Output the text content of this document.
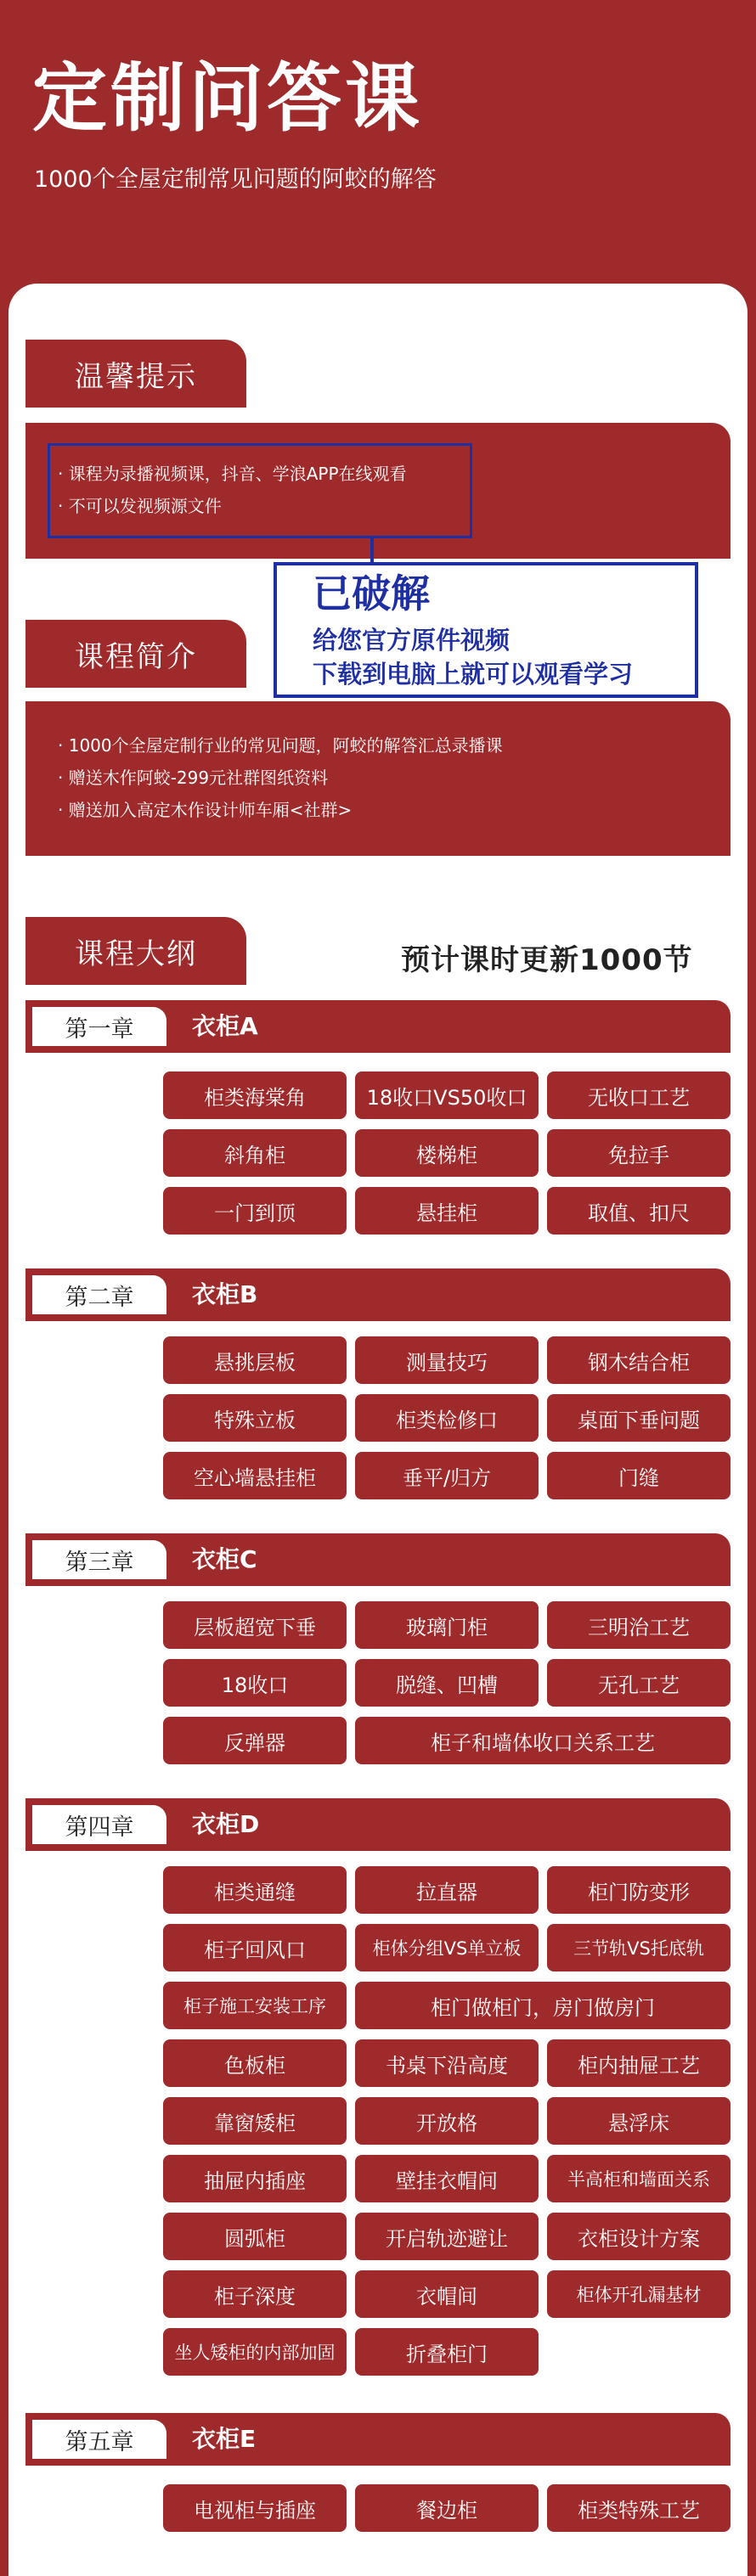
定制问答课
1000个全屋定制常见问题的阿蛟的解答
温馨提示
· 课程为录播视频课，抖音、学浪APP在线观看
· 不可以发视频源文件
已破解
给您官方原件视频
下载到电脑上就可以观看学习
课程简介
· 1000个全屋定制行业的常见问题，阿蛟的解答汇总录播课
· 赠送木作阿蛟-299元社群图纸资料
· 赠送加入高定木作设计师车厢<社群>
课程大纲	预计课时更新1000节
第一章	衣柜A
柜类海棠角	18收口VS50收口	无收口工艺
斜角柜	楼梯柜	免拉手
一门到顶	悬挂柜	取值、扣尺
第二章	衣柜B
悬挑层板	测量技巧	钢木结合柜
特殊立板	柜类检修口	桌面下垂问题
空心墙悬挂柜	垂平/归方	门缝
第三章	衣柜C
层板超宽下垂	玻璃门柜	三明治工艺
18收口	脱缝、凹槽	无孔工艺
反弹器	柜子和墙体收口关系工艺
第四章	衣柜D
柜类通缝	拉直器	柜门防变形
柜子回风口	柜体分组VS单立板	三节轨VS托底轨
柜子施工安装工序	柜门做柜门，房门做房门
色板柜	书桌下沿高度	柜内抽屉工艺
靠窗矮柜	开放格	悬浮床
抽屉内插座	壁挂衣帽间	半高柜和墙面关系
圆弧柜	开启轨迹避让	衣柜设计方案
柜子深度	衣帽间	柜体开孔漏基材
坐人矮柜的内部加固	折叠柜门
第五章	衣柜E
电视柜与插座	餐边柜	柜类特殊工艺
